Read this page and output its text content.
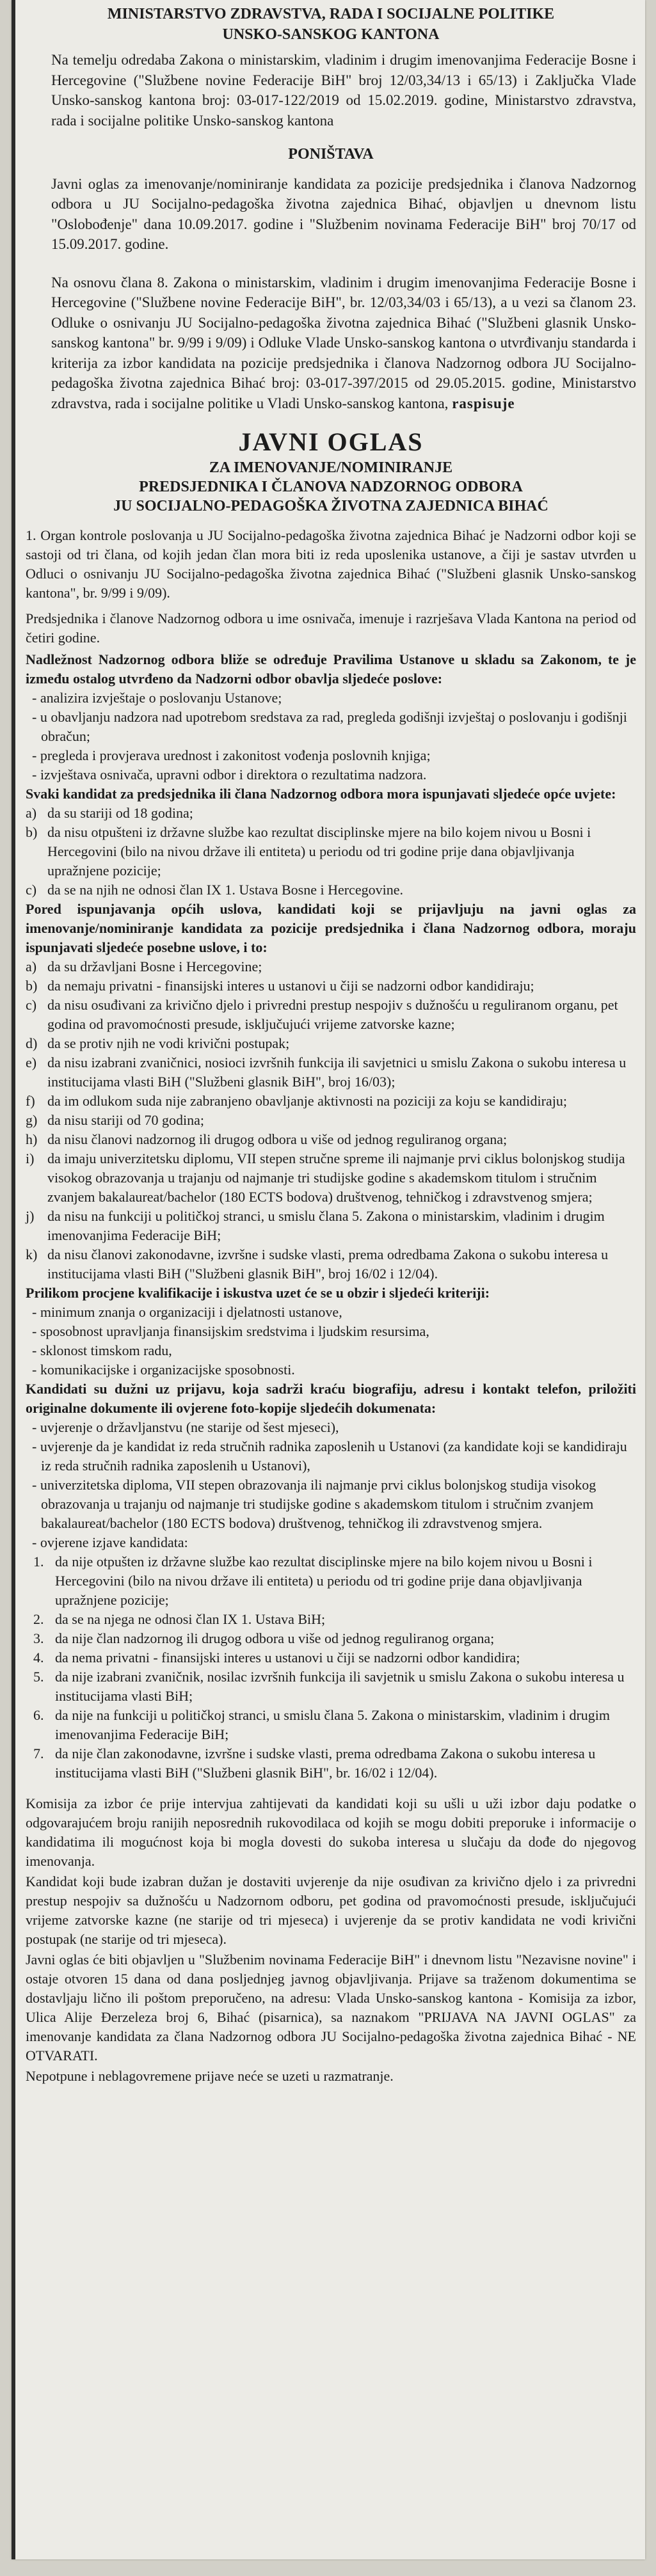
MINISTARSTVO ZDRAVSTVA, RADA I SOCIJALNE POLITIKE
UNSKO-SANSKOG KANTONA

Na temelju odredaba Zakona o ministarskim, vladinim i drugim imenovanjima Federacije Bosne i Hercegovine ("Službene novine Federacije BiH" broj 12/03,34/13 i 65/13) i Zaključka Vlade Unsko-sanskog kantona broj: 03-017-122/2019 od 15.02.2019. godine, Ministarstvo zdravstva, rada i socijalne politike Unsko-sanskog kantona

PONIŠTAVA

Javni oglas za imenovanje/nominiranje kandidata za pozicije predsjednika i članova Nadzornog odbora u JU Socijalno-pedagoška životna zajednica Bihać, objavljen u dnevnom listu "Oslobođenje" dana 10.09.2017. godine i "Službenim novinama Federacije BiH" broj 70/17 od 15.09.2017. godine.

Na osnovu člana 8. Zakona o ministarskim, vladinim i drugim imenovanjima Federacije Bosne i Hercegovine ("Službene novine Federacije BiH", br. 12/03,34/03 i 65/13), a u vezi sa članom 23. Odluke o osnivanju JU Socijalno-pedagoška životna zajednica Bihać ("Službeni glasnik Unsko-sanskog kantona" br. 9/99 i 9/09) i Odluke Vlade Unsko-sanskog kantona o utvrđivanju standarda i kriterija za izbor kandidata na pozicije predsjednika i članova Nadzornog odbora JU Socijalno-pedagoška životna zajednica Bihać broj: 03-017-397/2015 od 29.05.2015. godine, Ministarstvo zdravstva, rada i socijalne politike u Vladi Unsko-sanskog kantona, raspisuje

JAVNI OGLAS
ZA IMENOVANJE/NOMINIRANJE
PREDSJEDNIKA I ČLANOVA NADZORNOG ODBORA
JU SOCIJALNO-PEDAGOŠKA ŽIVOTNA ZAJEDNICA BIHAĆ

1. Organ kontrole poslovanja u JU Socijalno-pedagoška životna zajednica Bihać je Nadzorni odbor koji se sastoji od tri člana, od kojih jedan član mora biti iz reda uposlenika ustanove, a čiji je sastav utvrđen u Odluci o osnivanju JU Socijalno-pedagoška životna zajednica Bihać ("Službeni glasnik Unsko-sanskog kantona", br. 9/99 i 9/09).

Predsjednika i članove Nadzornog odbora u ime osnivača, imenuje i razrješava Vlada Kantona na period od četiri godine.

Nadležnost Nadzornog odbora bliže se određuje Pravilima Ustanove u skladu sa Zakonom, te je između ostalog utvrđeno da Nadzorni odbor obavlja sljedeće poslove:
- analizira izvještaje o poslovanju Ustanove;
- u obavljanju nadzora nad upotrebom sredstava za rad, pregleda godišnji izvještaj o poslovanju i godišnji obračun;
- pregleda i provjerava urednost i zakonitost vođenja poslovnih knjiga;
- izvještava osnivača, upravni odbor i direktora o rezultatima nadzora.
Svaki kandidat za predsjednika ili člana Nadzornog odbora mora ispunjavati sljedeće opće uvjete:
a) da su stariji od 18 godina;
b) da nisu otpušteni iz državne službe kao rezultat disciplinske mjere na bilo kojem nivou u Bosni i Hercegovini (bilo na nivou države ili entiteta) u periodu od tri godine prije dana objavljivanja upražnjene pozicije;
c) da se na njih ne odnosi član IX 1. Ustava Bosne i Hercegovine.
Pored ispunjavanja općih uslova, kandidati koji se prijavljuju na javni oglas za imenovanje/nominiranje kandidata za pozicije predsjednika i člana Nadzornog odbora, moraju ispunjavati sljedeće posebne uslove, i to:
a) da su državljani Bosne i Hercegovine;
b) da nemaju privatni - finansijski interes u ustanovi u čiji se nadzorni odbor kandidiraju;
c) da nisu osuđivani za krivično djelo i privredni prestup nespojiv s dužnošću u reguliranom organu, pet godina od pravomoćnosti presude, isključujući vrijeme zatvorske kazne;
d) da se protiv njih ne vodi krivični postupak;
e) da nisu izabrani zvaničnici, nosioci izvršnih funkcija ili savjetnici u smislu Zakona o sukobu interesa u institucijama vlasti BiH ("Službeni glasnik BiH", broj 16/03);
f) da im odlukom suda nije zabranjeno obavljanje aktivnosti na poziciji za koju se kandidiraju;
g) da nisu stariji od 70 godina;
h) da nisu članovi nadzornog ili drugog odbora u više od jednog reguliranog organa;
i) da imaju univerzitetsku diplomu, VII stepen stručne spreme ili najmanje prvi ciklus bolonjskog studija visokog obrazovanja u trajanju od najmanje tri studijske godine s akademskom titulom i stručnim zvanjem bakalaureat/bachelor (180 ECTS bodova) društvenog, tehničkog i zdravstvenog smjera;
j) da nisu na funkciji u političkoj stranci, u smislu člana 5. Zakona o ministarskim, vladinim i drugim imenovanjima Federacije BiH;
k) da nisu članovi zakonodavne, izvršne i sudske vlasti, prema odredbama Zakona o sukobu interesa u institucijama vlasti BiH ("Službeni glasnik BiH", broj 16/02 i 12/04).
Prilikom procjene kvalifikacije i iskustva uzet će se u obzir i sljedeći kriteriji:
- minimum znanja o organizaciji i djelatnosti ustanove,
- sposobnost upravljanja finansijskim sredstvima i ljudskim resursima,
- sklonost timskom radu,
- komunikacijske i organizacijske sposobnosti.
Kandidati su dužni uz prijavu, koja sadrži kraću biografiju, adresu i kontakt telefon, priložiti originalne dokumente ili ovjerene foto-kopije sljedećih dokumenata:
- uvjerenje o državljanstvu (ne starije od šest mjeseci),
- uvjerenje da je kandidat iz reda stručnih radnika zaposlenih u Ustanovi (za kandidate koji se kandidiraju iz reda stručnih radnika zaposlenih u Ustanovi),
- univerzitetska diploma, VII stepen obrazovanja ili najmanje prvi ciklus bolonjskog studija visokog obrazovanja u trajanju od najmanje tri studijske godine s akademskom titulom i stručnim zvanjem bakalaureat/bachelor (180 ECTS bodova) društvenog, tehničkog ili zdravstvenog smjera.
- ovjerene izjave kandidata:
1. da nije otpušten iz državne službe kao rezultat disciplinske mjere na bilo kojem nivou u Bosni i Hercegovini (bilo na nivou države ili entiteta) u periodu od tri godine prije dana objavljivanja upražnjene pozicije;
2. da se na njega ne odnosi član IX 1. Ustava BiH;
3. da nije član nadzornog ili drugog odbora u više od jednog reguliranog organa;
4. da nema privatni - finansijski interes u ustanovi u čiji se nadzorni odbor kandidira;
5. da nije izabrani zvaničnik, nosilac izvršnih funkcija ili savjetnik u smislu Zakona o sukobu interesa u institucijama vlasti BiH;
6. da nije na funkciji u političkoj stranci, u smislu člana 5. Zakona o ministarskim, vladinim i drugim imenovanjima Federacije BiH;
7. da nije član zakonodavne, izvršne i sudske vlasti, prema odredbama Zakona o sukobu interesa u institucijama vlasti BiH ("Službeni glasnik BiH", br. 16/02 i 12/04).

Komisija za izbor će prije intervjua zahtijevati da kandidati koji su ušli u uži izbor daju podatke o odgovarajućem broju ranijih neposrednih rukovodilaca od kojih se mogu dobiti preporuke i informacije o kandidatima ili mogućnost koja bi mogla dovesti do sukoba interesa u slučaju da dođe do njegovog imenovanja.

Kandidat koji bude izabran dužan je dostaviti uvjerenje da nije osuđivan za krivično djelo i za privredni prestup nespojiv sa dužnošću u Nadzornom odboru, pet godina od pravomoćnosti presude, isključujući vrijeme zatvorske kazne (ne starije od tri mjeseca) i uvjerenje da se protiv kandidata ne vodi krivični postupak (ne starije od tri mjeseca).

Javni oglas će biti objavljen u "Službenim novinama Federacije BiH" i dnevnom listu "Nezavisne novine" i ostaje otvoren 15 dana od dana posljednjeg javnog objavljivanja. Prijave sa traženom dokumentima se dostavljaju lično ili poštom preporučeno, na adresu: Vlada Unsko-sanskog kantona - Komisija za izbor, Ulica Alije Đerzeleza broj 6, Bihać (pisarnica), sa naznakom "PRIJAVA NA JAVNI OGLAS" za imenovanje kandidata za člana Nadzornog odbora JU Socijalno-pedagoška životna zajednica Bihać - NE OTVARATI.

Nepotpune i neblagovremene prijave neće se uzeti u razmatranje.
